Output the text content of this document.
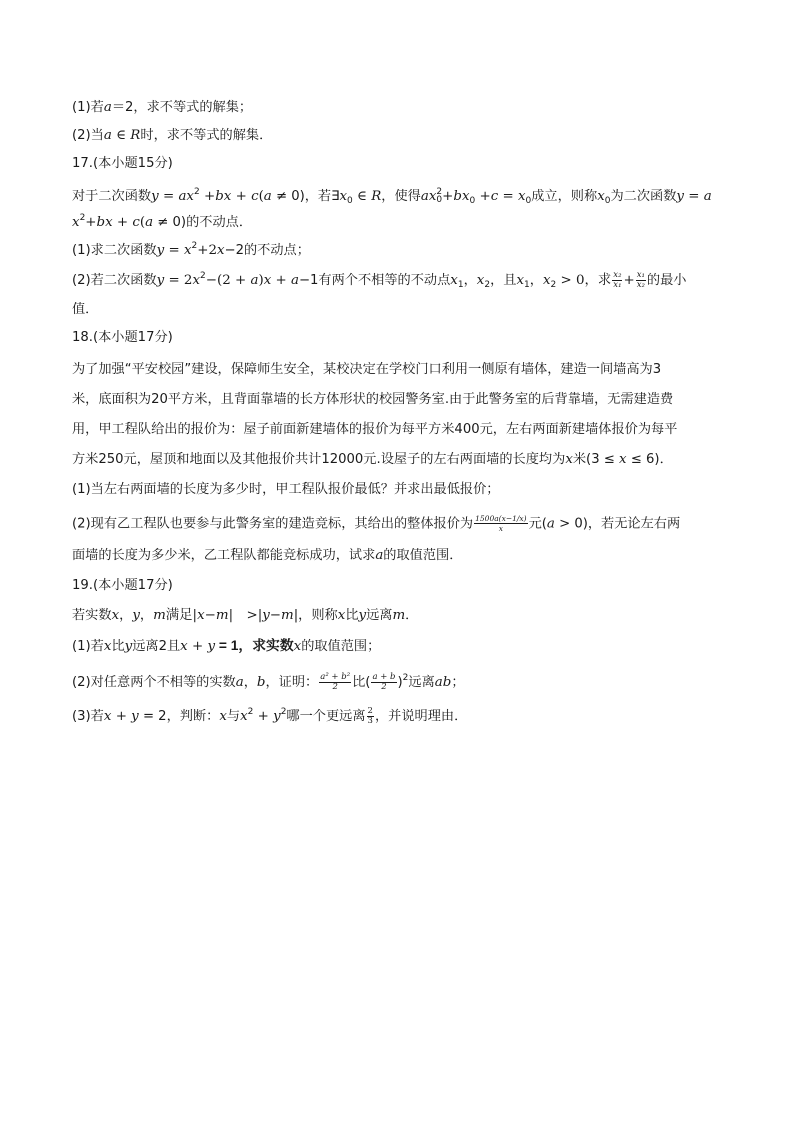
(1)若a＝2，求不等式的解集；
(2)当a ∈ R时，求不等式的解集．
17.(本小题15分)
对于二次函数$y = ax^2 +bx + c(a \ne 0)$，若$\exists x_0$ ∈ R，使得ax 2
$0 +bx_0 +c = x_0$成立，则称$x_0$为二次函数y = a
$x^2+bx + c(a \ne 0)$的不动点．
(1)求二次函数$y = x^2+2x-2$的不动点；
(2)若二次函数$y = 2x^2-(2 + a)x + a-1$有两个不相等的不动点$x_1$，$x_2$，且$x_1$，$x_2 > 0$，求 $\frac{\text{x₂}}{\text{x₁}} + \frac{\text{x₁}}{\text{x₂}}$ 的最小
值．
18.(本小题17分)
为了加强“平安校园”建设，保障师生安全，某校决定在学校门口利用一侧原有墙体，建造一间墙高为3
米，底面积为20平方米，且背面靠墙的长方体形状的校园警务室.由于此警务室的后背靠墙，无需建造费
用，甲工程队给出的报价为：屋子前面新建墙体的报价为每平方米400元，左右两面新建墙体报价为每平
方米250元，屋顶和地面以及其他报价共计12000元.设屋子的左右两面墙的长度均为x米(3 ≤ x ≤ 6)．
(1)当左右两面墙的长度为多少时，甲工程队报价最低？并求出最低报价；
(2)现有乙工程队也要参与此警务室的建造竞标，其给出的整体报价为 $\frac{1500a(x-1/x)}{x}$ 元(a > 0)，若无论左右两
面墙的长度为多少米，乙工程队都能竞标成功，试求a的取值范围．
19.(本小题17分)
若实数x，y，m满足|x−m|　>|y−m|，则称x比y远离m．
(1)若x比y远离2且x + y = 1，求实数x的取值范围；
(2)对任意两个不相等的实数a，b，证明： $\frac{\text{a² + b²}}{2}$ 比( $\frac{a + b}{2} )^2$远离ab；
(3)若x + y = 2，判断：x与$x^2 + y^2$哪一个更远离 $\frac{2}{3}$ ，并说明理由．
